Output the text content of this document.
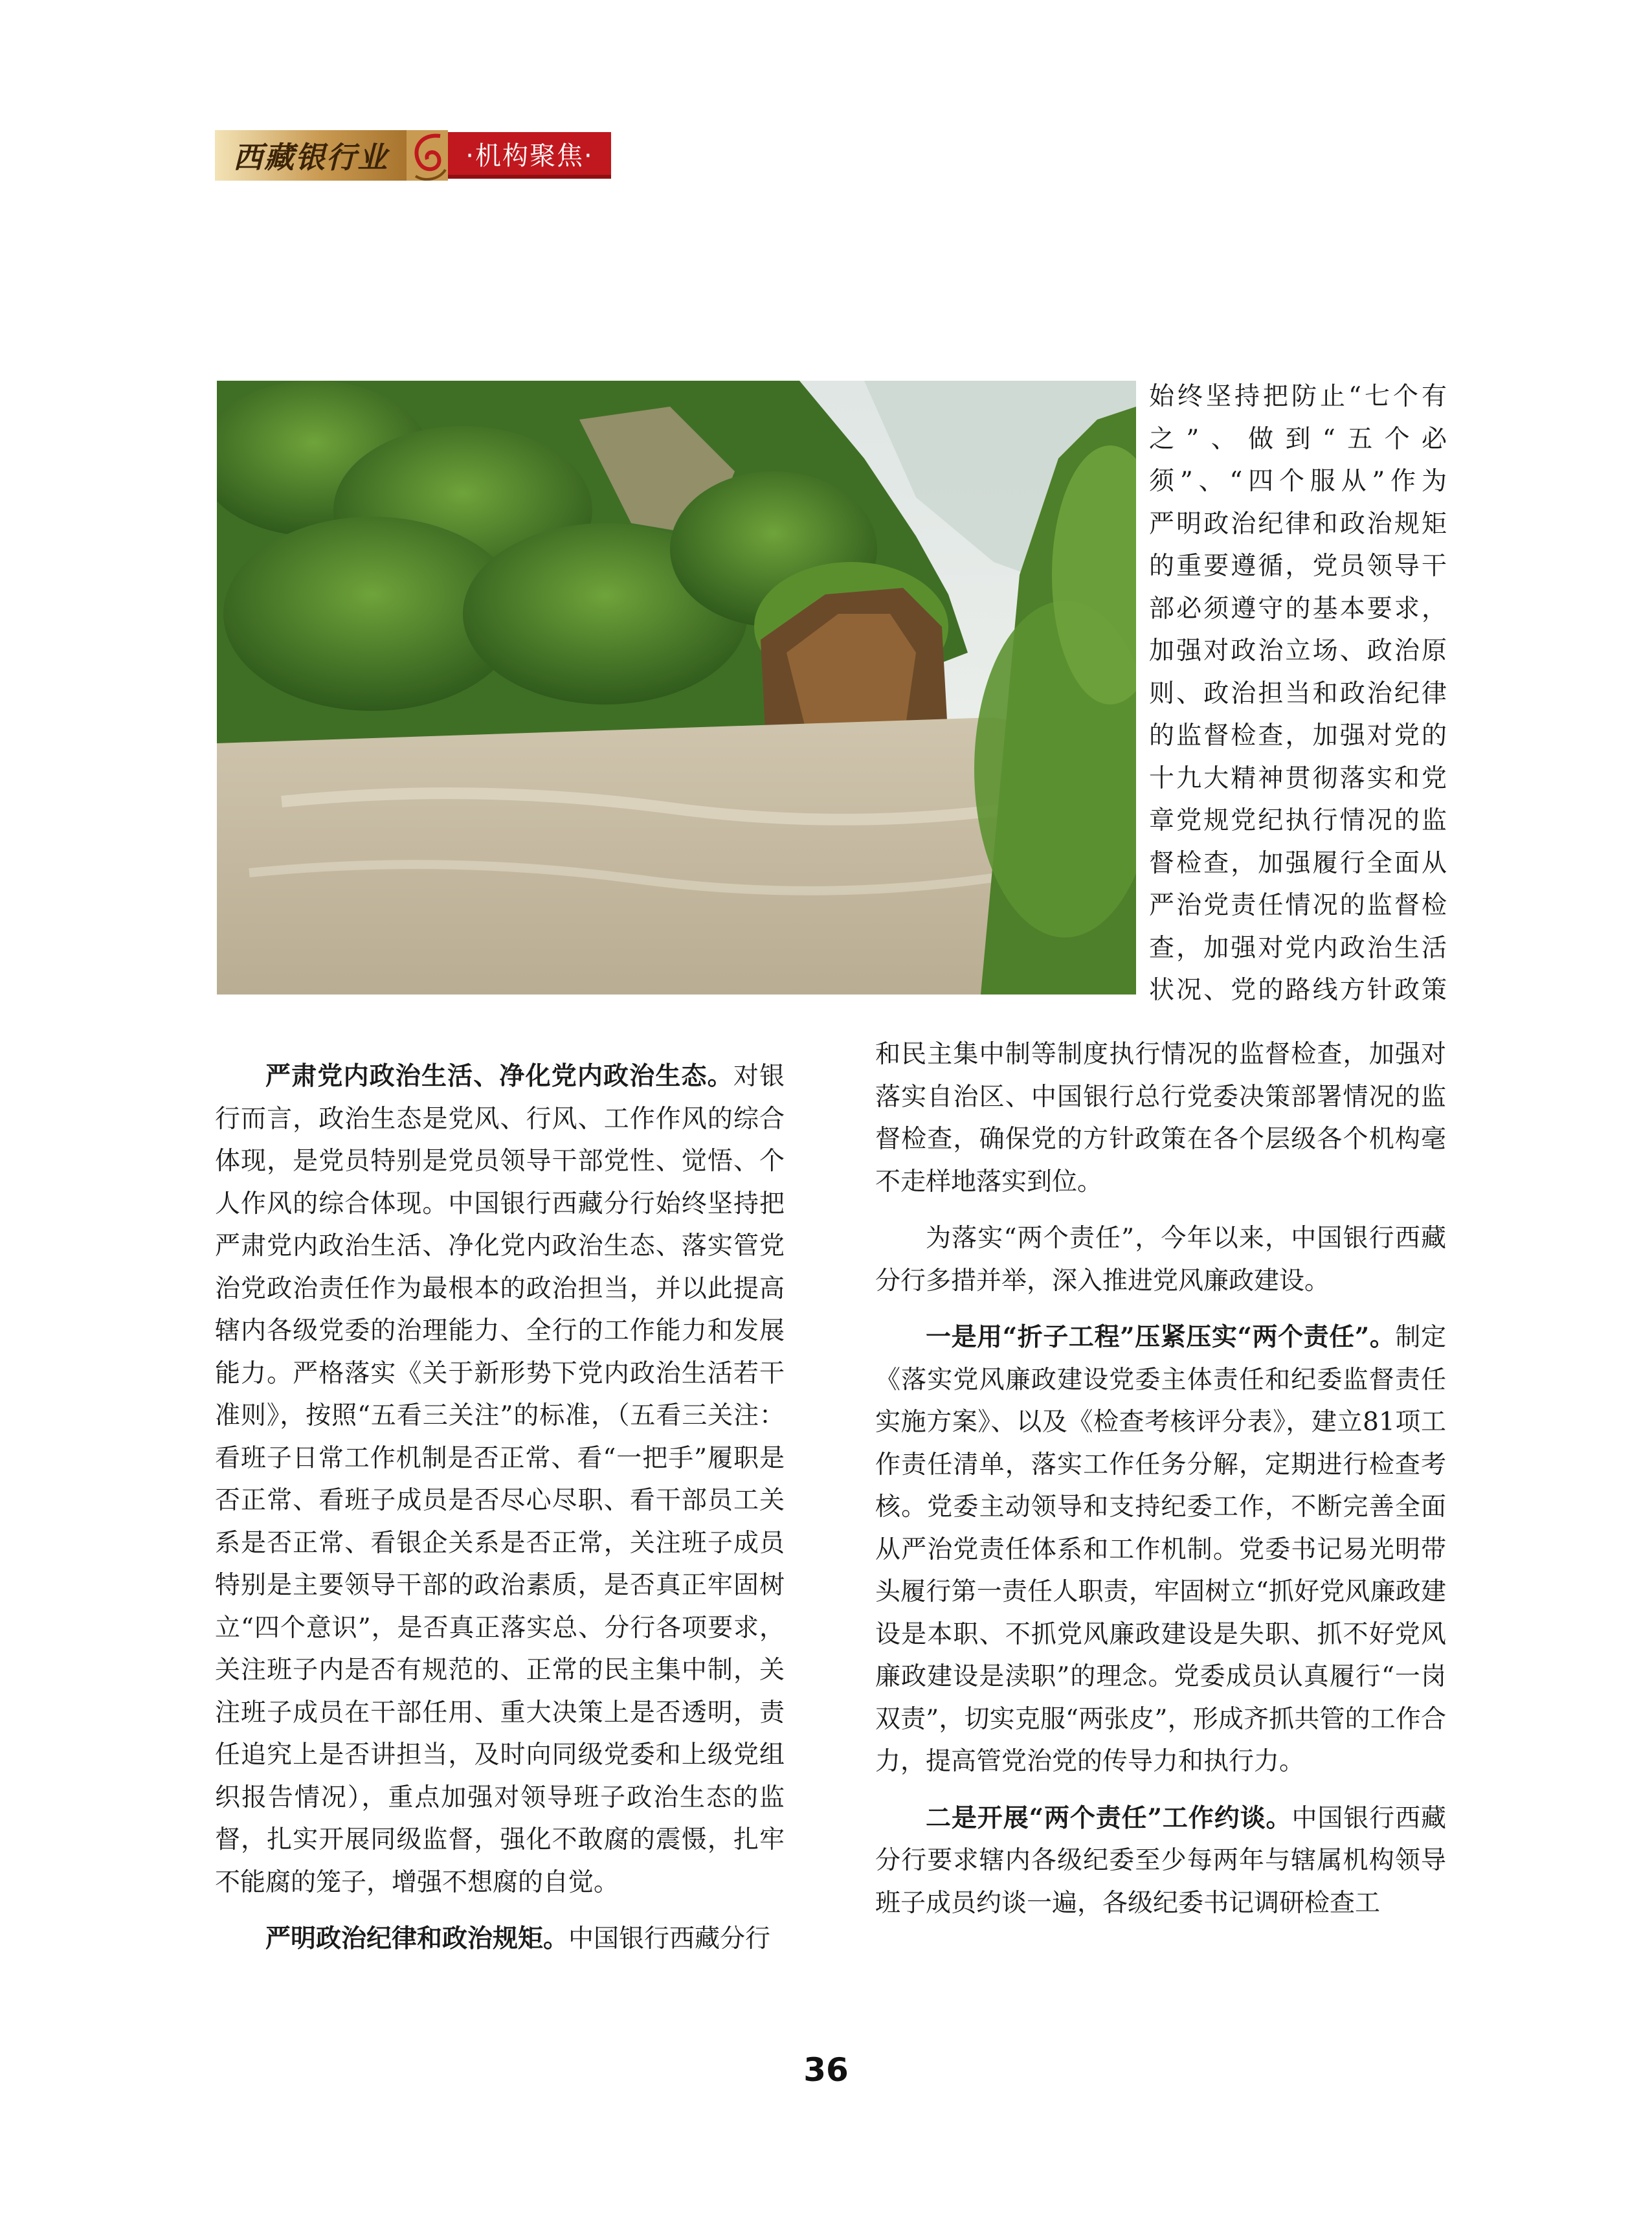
西藏银行业	·机构聚焦·
始终坚持把防止“七个有
之”、做到“五个必
须”、“四个服从”作为
严明政治纪律和政治规矩
的重要遵循，党员领导干
部必须遵守的基本要求，
加强对政治立场、政治原
则、政治担当和政治纪律
的监督检查，加强对党的
十九大精神贯彻落实和党
章党规党纪执行情况的监
督检查，加强履行全面从
严治党责任情况的监督检
查，加强对党内政治生活
状况、党的路线方针政策

严肃党内政治生活、净化党内政治生态。对银行而言，政治生态是党风、行风、工作作风的综合体现，是党员特别是党员领导干部党性、觉悟、个人作风的综合体现。中国银行西藏分行始终坚持把严肃党内政治生活、净化党内政治生态、落实管党治党政治责任作为最根本的政治担当，并以此提高辖内各级党委的治理能力、全行的工作能力和发展能力。严格落实《关于新形势下党内政治生活若干准则》，按照“五看三关注”的标准，（五看三关注：看班子日常工作机制是否正常、看“一把手”履职是否正常、看班子成员是否尽心尽职、看干部员工关系是否正常、看银企关系是否正常，关注班子成员特别是主要领导干部的政治素质，是否真正牢固树立“四个意识”，是否真正落实总、分行各项要求，关注班子内是否有规范的、正常的民主集中制，关注班子成员在干部任用、重大决策上是否透明，责任追究上是否讲担当，及时向同级党委和上级党组织报告情况），重点加强对领导班子政治生态的监督，扎实开展同级监督，强化不敢腐的震慑，扎牢不能腐的笼子，增强不想腐的自觉。

严明政治纪律和政治规矩。中国银行西藏分行

和民主集中制等制度执行情况的监督检查，加强对落实自治区、中国银行总行党委决策部署情况的监督检查，确保党的方针政策在各个层级各个机构毫不走样地落实到位。

为落实“两个责任”，今年以来，中国银行西藏分行多措并举，深入推进党风廉政建设。

一是用“折子工程”压紧压实“两个责任”。制定《落实党风廉政建设党委主体责任和纪委监督责任实施方案》、以及《检查考核评分表》，建立81项工作责任清单，落实工作任务分解，定期进行检查考核。党委主动领导和支持纪委工作，不断完善全面从严治党责任体系和工作机制。党委书记易光明带头履行第一责任人职责，牢固树立“抓好党风廉政建设是本职、不抓党风廉政建设是失职、抓不好党风廉政建设是渎职”的理念。党委成员认真履行“一岗双责”，切实克服“两张皮”，形成齐抓共管的工作合力，提高管党治党的传导力和执行力。

二是开展“两个责任”工作约谈。中国银行西藏分行要求辖内各级纪委至少每两年与辖属机构领导班子成员约谈一遍，各级纪委书记调研检查工

36
